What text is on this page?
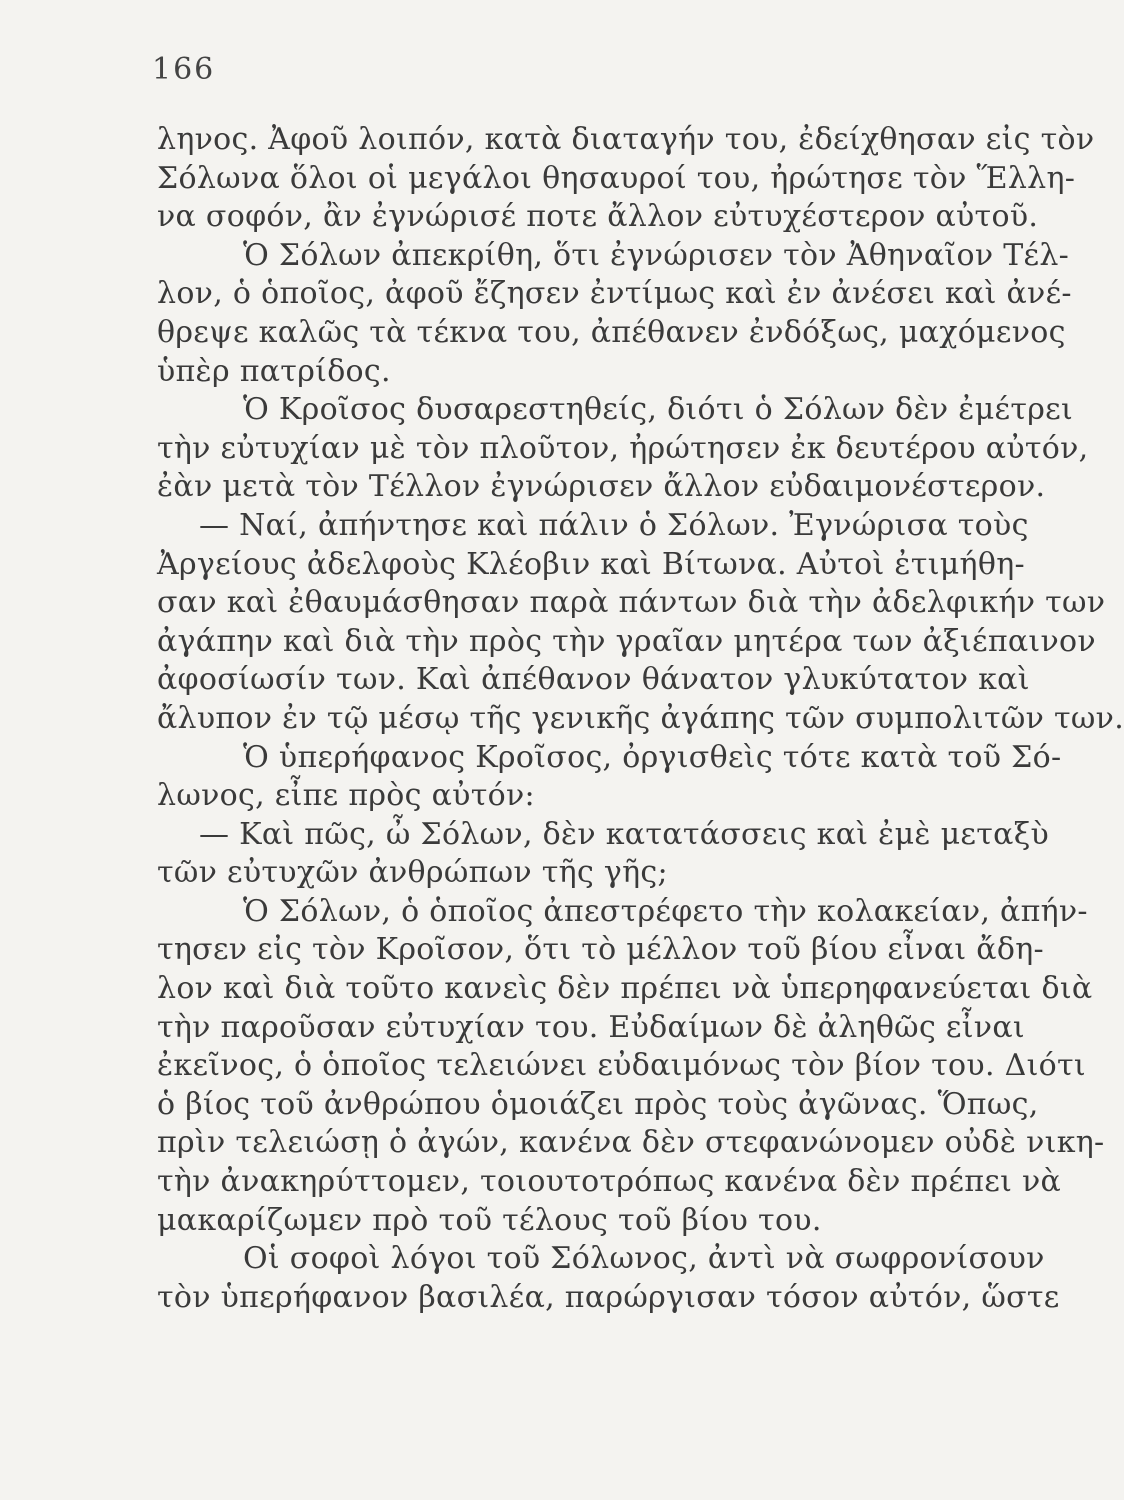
166
ληνος. Ἀφοῦ λοιπόν, κατὰ διαταγήν του, ἐδείχθησαν εἰς τὸν
Σόλωνα ὅλοι οἱ μεγάλοι θησαυροί του, ἠρώτησε τὸν Ἕλλη-
να σοφόν, ἂν ἐγνώρισέ ποτε ἄλλον εὐτυχέστερον αὐτοῦ.
Ὁ Σόλων ἀπεκρίθη, ὅτι ἐγνώρισεν τὸν Ἀθηναῖον Τέλ-
λον, ὁ ὁποῖος, ἀφοῦ ἔζησεν ἐντίμως καὶ ἐν ἀνέσει καὶ ἀνέ-
θρεψε καλῶς τὰ τέκνα του, ἀπέθανεν ἐνδόξως, μαχόμενος
ὑπὲρ πατρίδος.
Ὁ Κροῖσος δυσαρεστηθείς, διότι ὁ Σόλων δὲν ἐμέτρει
τὴν εὐτυχίαν μὲ τὸν πλοῦτον, ἠρώτησεν ἐκ δευτέρου αὐτόν,
ἐὰν μετὰ τὸν Τέλλον ἐγνώρισεν ἄλλον εὐδαιμονέστερον.
— Ναί, ἀπήντησε καὶ πάλιν ὁ Σόλων. Ἐγνώρισα τοὺς
Ἀργείους ἀδελφοὺς Κλέοβιν καὶ Βίτωνα. Αὐτοὶ ἐτιμήθη-
σαν καὶ ἐθαυμάσθησαν παρὰ πάντων διὰ τὴν ἀδελφικήν των
ἀγάπην καὶ διὰ τὴν πρὸς τὴν γραῖαν μητέρα των ἀξιέπαινον
ἀφοσίωσίν των. Καὶ ἀπέθανον θάνατον γλυκύτατον καὶ
ἄλυπον ἐν τῷ μέσῳ τῆς γενικῆς ἀγάπης τῶν συμπολιτῶν των.
Ὁ ὑπερήφανος Κροῖσος, ὀργισθεὶς τότε κατὰ τοῦ Σό-
λωνος, εἶπε πρὸς αὐτόν:
— Καὶ πῶς, ὦ Σόλων, δὲν κατατάσσεις καὶ ἐμὲ μεταξὺ
τῶν εὐτυχῶν ἀνθρώπων τῆς γῆς;
Ὁ Σόλων, ὁ ὁποῖος ἀπεστρέφετο τὴν κολακείαν, ἀπήν-
τησεν εἰς τὸν Κροῖσον, ὅτι τὸ μέλλον τοῦ βίου εἶναι ἄδη-
λον καὶ διὰ τοῦτο κανεὶς δὲν πρέπει νὰ ὑπερηφανεύεται διὰ
τὴν παροῦσαν εὐτυχίαν του. Εὐδαίμων δὲ ἀληθῶς εἶναι
ἐκεῖνος, ὁ ὁποῖος τελειώνει εὐδαιμόνως τὸν βίον του. Διότι
ὁ βίος τοῦ ἀνθρώπου ὁμοιάζει πρὸς τοὺς ἀγῶνας. Ὅπως,
πρὶν τελειώσῃ ὁ ἀγών, κανένα δὲν στεφανώνομεν οὐδὲ νικη-
τὴν ἀνακηρύττομεν, τοιουτοτρόπως κανένα δὲν πρέπει νὰ
μακαρίζωμεν πρὸ τοῦ τέλους τοῦ βίου του.
Οἱ σοφοὶ λόγοι τοῦ Σόλωνος, ἀντὶ νὰ σωφρονίσουν
τὸν ὑπερήφανον βασιλέα, παρώργισαν τόσον αὐτόν, ὥστε
